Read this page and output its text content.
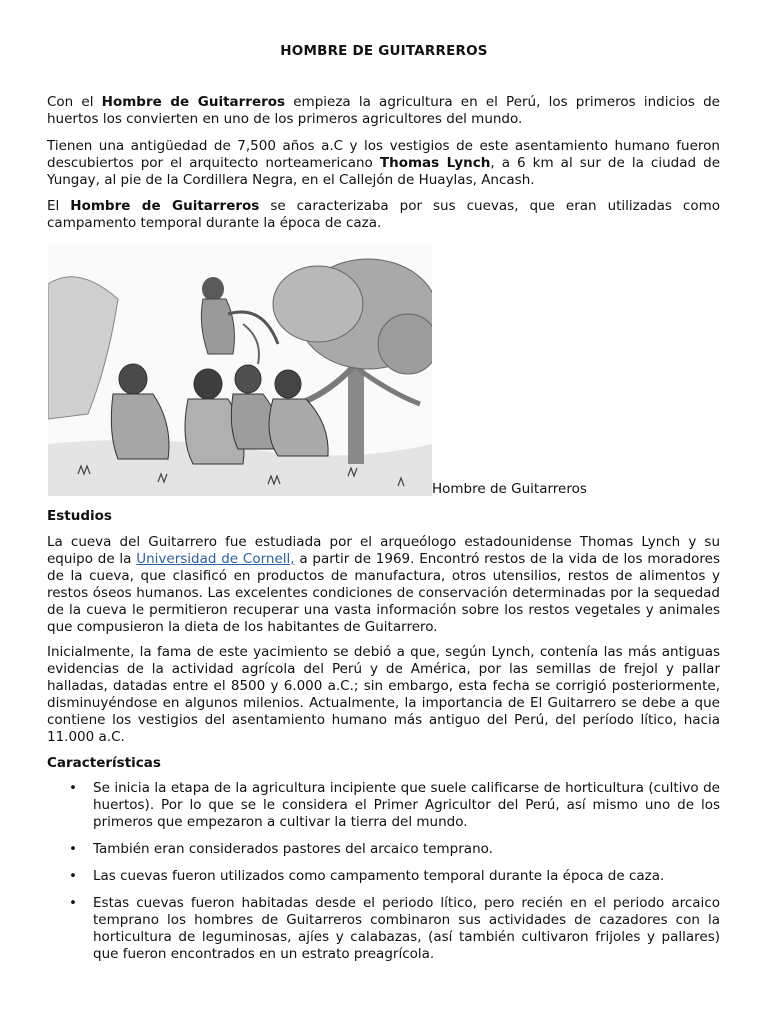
HOMBRE DE GUITARREROS

Con el Hombre de Guitarreros empieza la agricultura en el Perú, los primeros indicios de huertos los convierten en uno de los primeros agricultores del mundo.

Tienen una antigüedad de 7,500 años a.C y los vestigios de este asentamiento humano fueron descubiertos por el arquitecto norteamericano Thomas Lynch, a 6 km al sur de la ciudad de Yungay, al pie de la Cordillera Negra, en el Callejón de Huaylas, Ancash.

El Hombre de Guitarreros se caracterizaba por sus cuevas, que eran utilizadas como campamento temporal durante la época de caza.

Hombre de Guitarreros
Estudios

La cueva del Guitarrero fue estudiada por el arqueólogo estadounidense Thomas Lynch y su equipo de la Universidad de Cornell, a partir de 1969. Encontró restos de la vida de los moradores de la cueva, que clasificó en productos de manufactura, otros utensilios, restos de alimentos y restos óseos humanos. Las excelentes condiciones de conservación determinadas por la sequedad de la cueva le permitieron recuperar una vasta información sobre los restos vegetales y animales que compusieron la dieta de los habitantes de Guitarrero.

Inicialmente, la fama de este yacimiento se debió a que, según Lynch, contenía las más antiguas evidencias de la actividad agrícola del Perú y de América, por las semillas de frejol y pallar halladas, datadas entre el 8500 y 6.000 a.C.; sin embargo, esta fecha se corrigió posteriormente, disminuyéndose en algunos milenios. Actualmente, la importancia de El Guitarrero se debe a que contiene los vestigios del asentamiento humano más antiguo del Perú, del período lítico, hacia 11.000 a.C.

Características
• Se inicia la etapa de la agricultura incipiente que suele calificarse de horticultura (cultivo de huertos). Por lo que se le considera el Primer Agricultor del Perú, así mismo uno de los primeros que empezaron a cultivar la tierra del mundo.
• También eran considerados pastores del arcaico temprano.
• Las cuevas fueron utilizados como campamento temporal durante la época de caza.
• Estas cuevas fueron habitadas desde el periodo lítico, pero recién en el periodo arcaico temprano los hombres de Guitarreros combinaron sus actividades de cazadores con la horticultura de leguminosas, ajíes y calabazas, (así también cultivaron frijoles y pallares) que fueron encontrados en un estrato preagrícola.
